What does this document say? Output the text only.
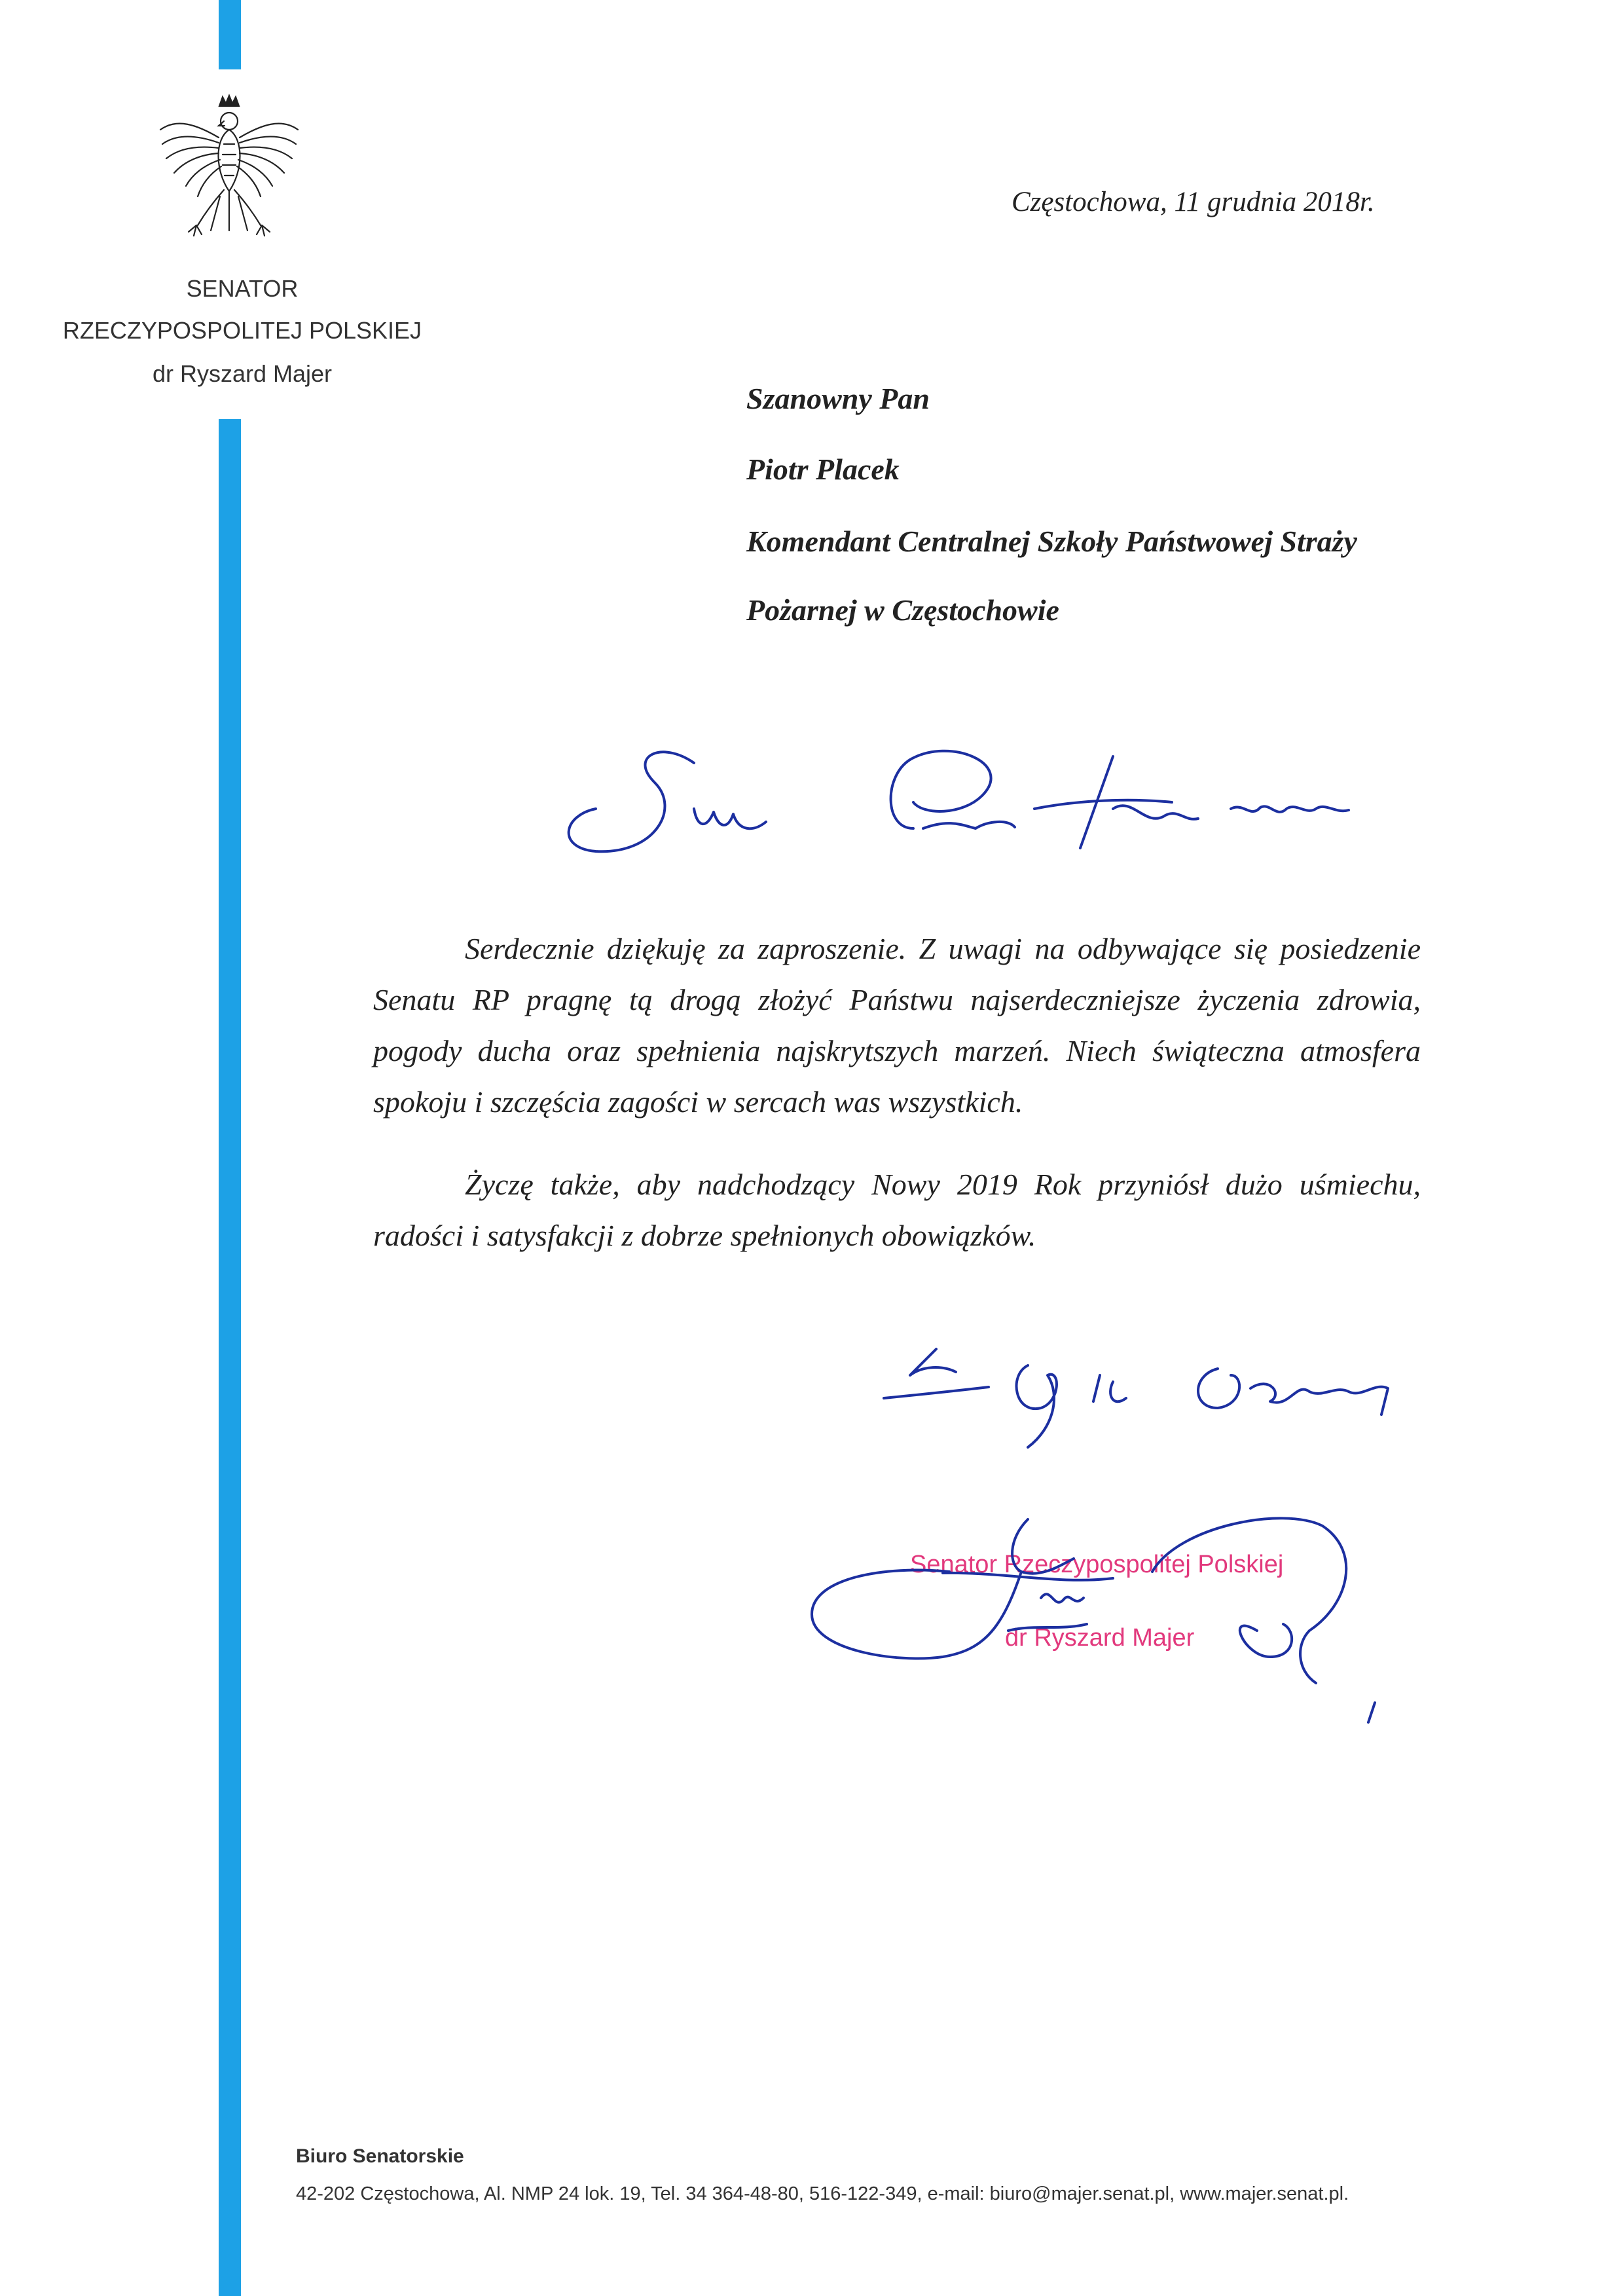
SENATOR
RZECZYPOSPOLITEJ POLSKIEJ
dr Ryszard Majer
Częstochowa, 11 grudnia 2018r.
Szanowny Pan
Piotr Placek
Komendant Centralnej Szkoły Państwowej Straży
Pożarnej w Częstochowie

Serdecznie dziękuję za zaproszenie. Z uwagi na odbywające się posiedzenie Senatu RP pragnę tą drogą złożyć Państwu najserdeczniejsze życzenia zdrowia, pogody ducha oraz spełnienia najskrytszych marzeń. Niech świąteczna atmosfera spokoju i szczęścia zagości w sercach was wszystkich.

Życzę także, aby nadchodzący Nowy 2019 Rok przyniósł dużo uśmiechu, radości i satysfakcji z dobrze spełnionych obowiązków.

Senator Rzeczypospolitej Polskiej
dr Ryszard Majer
Biuro Senatorskie
42-202 Częstochowa, Al. NMP 24 lok. 19, Tel. 34 364-48-80, 516-122-349, e-mail: biuro@majer.senat.pl, www.majer.senat.pl.
